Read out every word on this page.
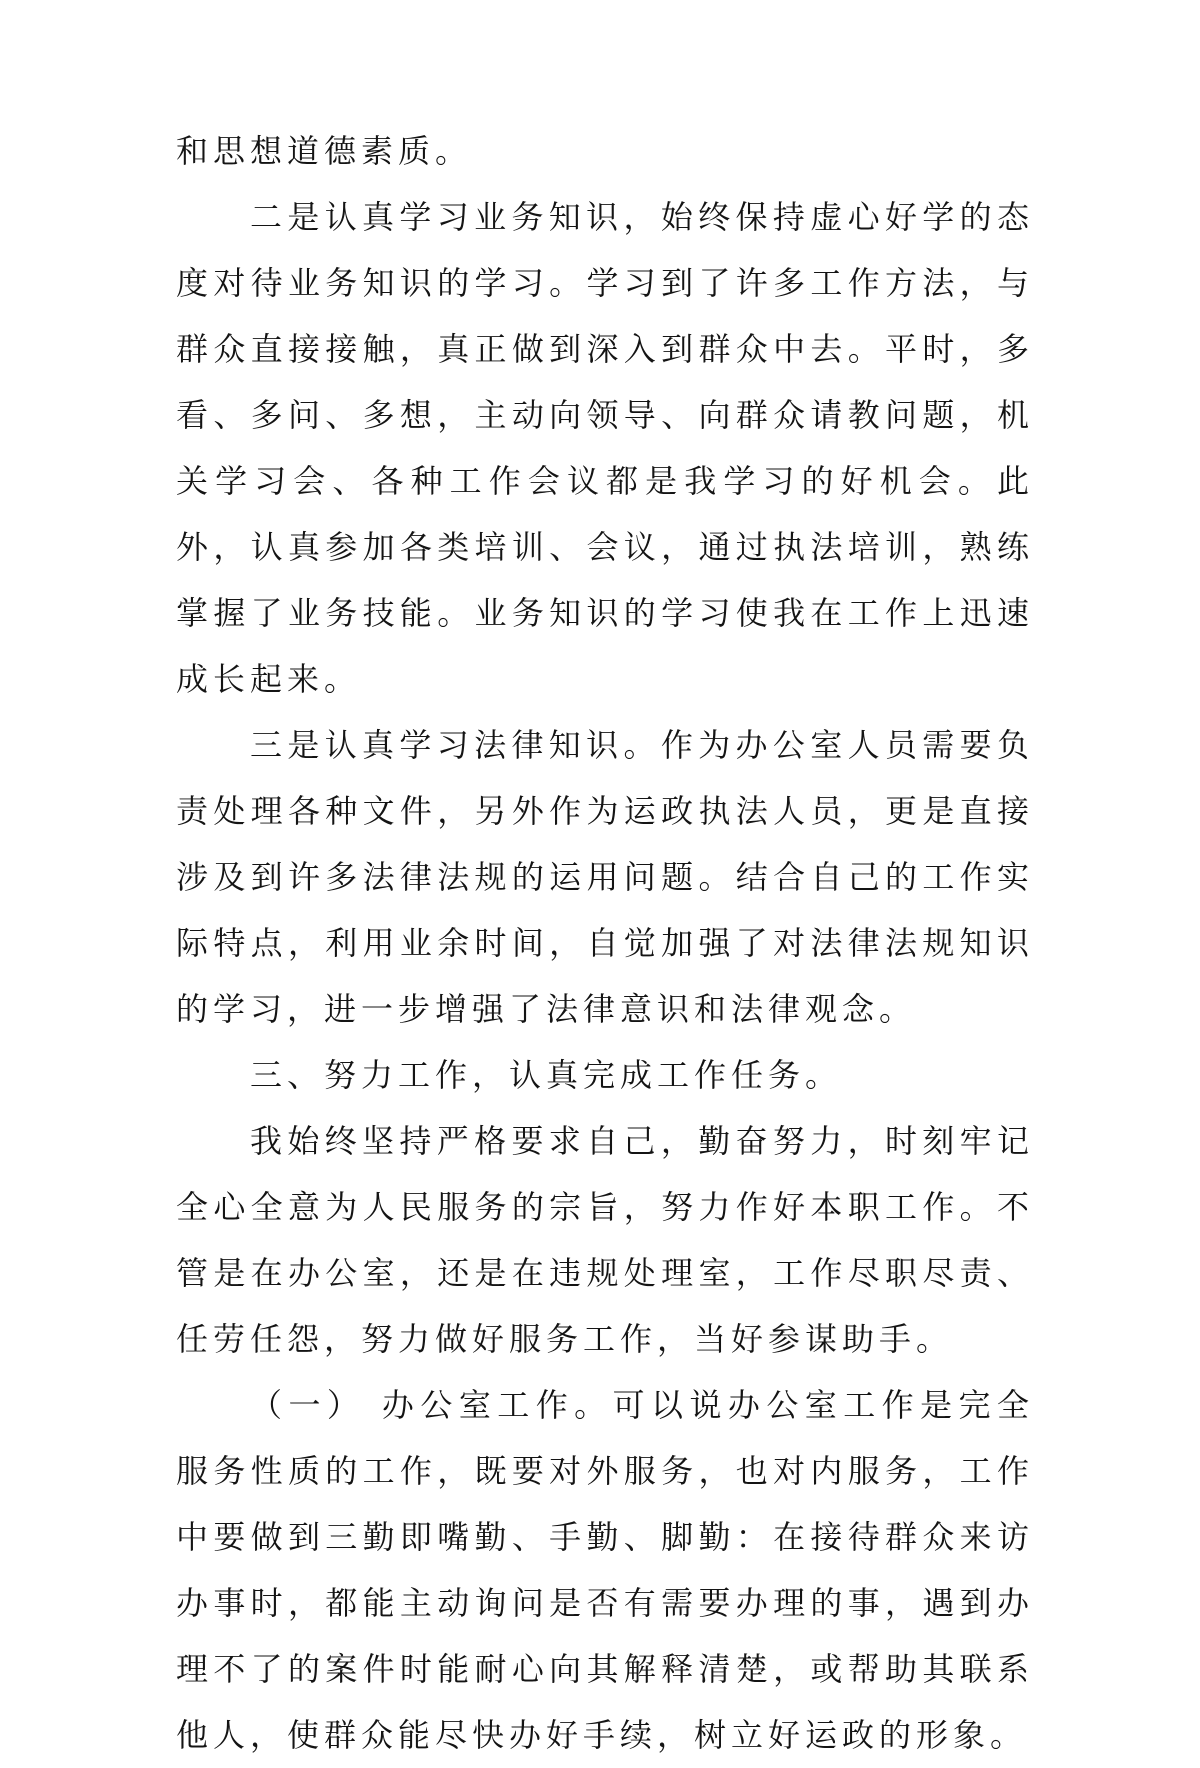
和思想道德素质。

二是认真学习业务知识，始终保持虚心好学的态度对待业务知识的学习。学习到了许多工作方法，与群众直接接触，真正做到深入到群众中去。平时，多看、多问、多想，主动向领导、向群众请教问题，机关学习会、各种工作会议都是我学习的好机会。此外，认真参加各类培训、会议，通过执法培训，熟练掌握了业务技能。业务知识的学习使我在工作上迅速成长起来。

三是认真学习法律知识。作为办公室人员需要负责处理各种文件，另外作为运政执法人员，更是直接涉及到许多法律法规的运用问题。结合自己的工作实际特点，利用业余时间，自觉加强了对法律法规知识的学习，进一步增强了法律意识和法律观念。

三、努力工作，认真完成工作任务。

我始终坚持严格要求自己，勤奋努力，时刻牢记全心全意为人民服务的宗旨，努力作好本职工作。不管是在办公室，还是在违规处理室，工作尽职尽责、任劳任怨，努力做好服务工作，当好参谋助手。

（一） 办公室工作。可以说办公室工作是完全服务性质的工作，既要对外服务，也对内服务，工作中要做到三勤即嘴勤、手勤、脚勤：在接待群众来访办事时，都能主动询问是否有需要办理的事，遇到办理不了的案件时能耐心向其解释清楚，或帮助其联系他人，使群众能尽快办好手续，树立好运政的形象。
